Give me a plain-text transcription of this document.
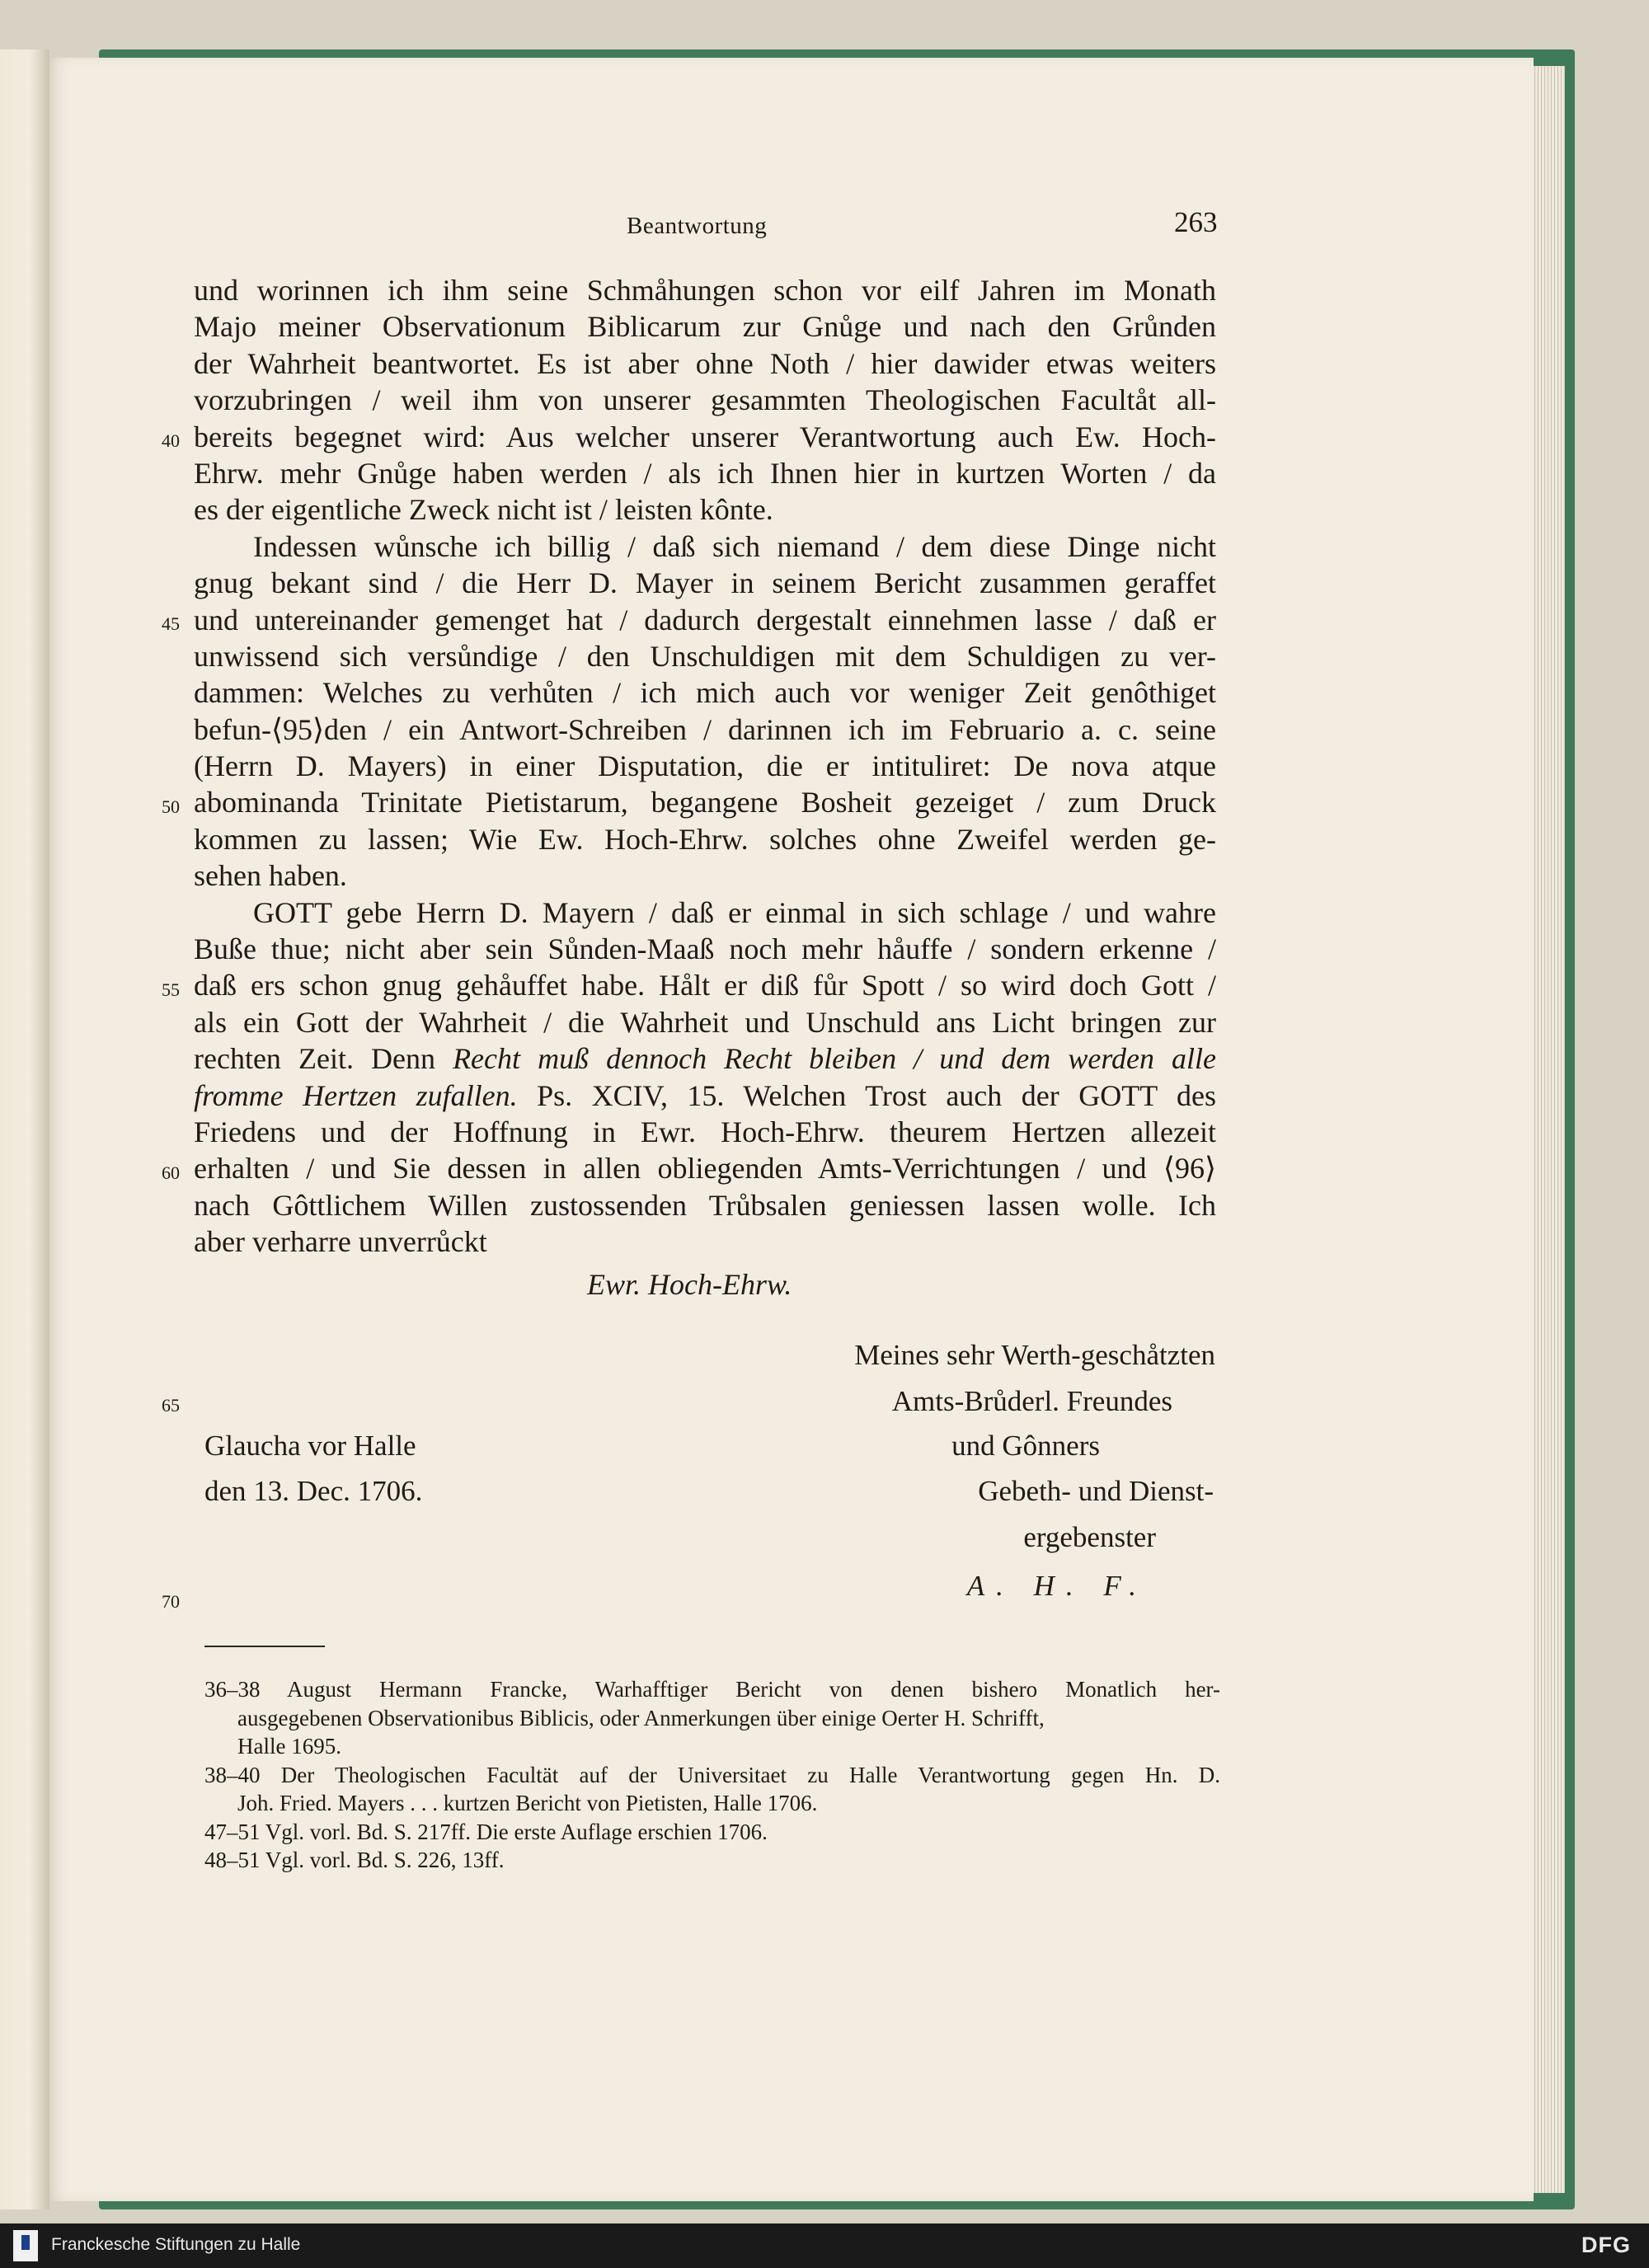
Beantwortung	263
und worinnen ich ihm seine Schmåhungen schon vor eilf Jahren im Monath
Majo meiner Observationum Biblicarum zur Gnůge und nach den Grůnden
der Wahrheit beantwortet. Es ist aber ohne Noth / hier dawider etwas weiters
vorzubringen / weil ihm von unserer gesammten Theologischen Facultåt all-
bereits begegnet wird: Aus welcher unserer Verantwortung auch Ew. Hoch-
Ehrw. mehr Gnůge haben werden / als ich Ihnen hier in kurtzen Worten / da
es der eigentliche Zweck nicht ist / leisten kônte.
Indessen wůnsche ich billig / daß sich niemand / dem diese Dinge nicht
gnug bekant sind / die Herr D. Mayer in seinem Bericht zusammen geraffet
und untereinander gemenget hat / dadurch dergestalt einnehmen lasse / daß er
unwissend sich versůndige / den Unschuldigen mit dem Schuldigen zu ver-
dammen: Welches zu verhůten / ich mich auch vor weniger Zeit genôthiget
befun-⟨95⟩den / ein Antwort-Schreiben / darinnen ich im Februario a. c. seine
(Herrn D. Mayers) in einer Disputation, die er intituliret: De nova atque
abominanda Trinitate Pietistarum, begangene Bosheit gezeiget / zum Druck
kommen zu lassen; Wie Ew. Hoch-Ehrw. solches ohne Zweifel werden ge-
sehen haben.
GOTT gebe Herrn D. Mayern / daß er einmal in sich schlage / und wahre
Buße thue; nicht aber sein Sůnden-Maaß noch mehr håuffe / sondern erkenne /
daß ers schon gnug gehåuffet habe. Hålt er diß fůr Spott / so wird doch Gott /
als ein Gott der Wahrheit / die Wahrheit und Unschuld ans Licht bringen zur
rechten Zeit. Denn Recht muß dennoch Recht bleiben / und dem werden alle
fromme Hertzen zufallen. Ps. XCIV, 15. Welchen Trost auch der GOTT des
Friedens und der Hoffnung in Ewr. Hoch-Ehrw. theurem Hertzen allezeit
erhalten / und Sie dessen in allen obliegenden Amts-Verrichtungen / und ⟨96⟩
nach Gôttlichem Willen zustossenden Trůbsalen geniessen lassen wolle. Ich
aber verharre unverrůckt
40
45
50
55
60
65
70
Ewr. Hoch-Ehrw.
Meines sehr Werth-geschåtzten
Amts-Brůderl. Freundes
und Gônners
Gebeth- und Dienst-
ergebenster
A. H. F.
Glaucha vor Halle
den 13. Dec. 1706.
36–38 August Hermann Francke, Warhafftiger Bericht von denen bishero Monatlich her-
ausgegebenen Observationibus Biblicis, oder Anmerkungen über einige Oerter H. Schrifft,
Halle 1695.
38–40 Der Theologischen Facultät auf der Universitaet zu Halle Verantwortung gegen Hn. D.
Joh. Fried. Mayers . . . kurtzen Bericht von Pietisten, Halle 1706.
47–51 Vgl. vorl. Bd. S. 217ff. Die erste Auflage erschien 1706.
48–51 Vgl. vorl. Bd. S. 226, 13ff.
Franckesche Stiftungen zu Halle	DFG
